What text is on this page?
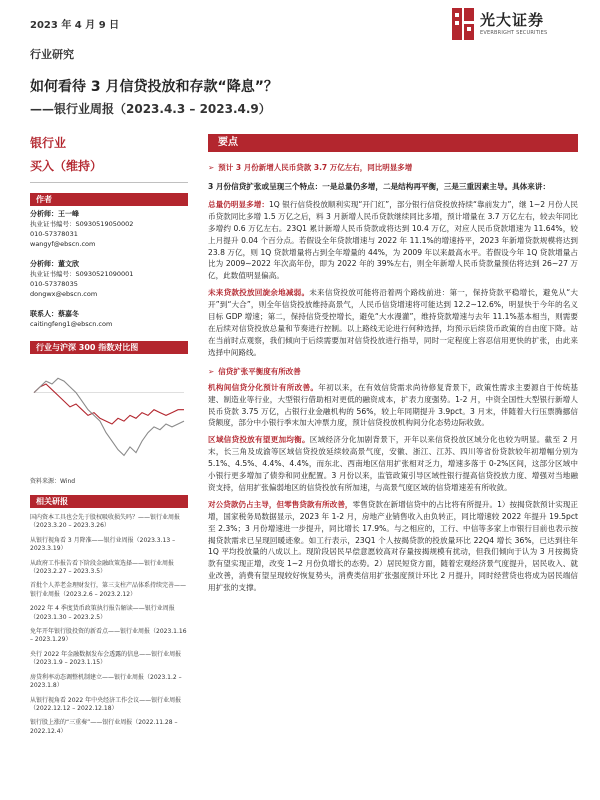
2023 年 4 月 9 日	光大证券
EVERBRIGHT SECURITIES
行业研究
如何看待 3 月信贷投放和存款“降息”？
——银行业周报（2023.4.3 – 2023.4.9）
银行业
买入（维持）
作者
分析师：王一峰
执业证书编号：S0930519050002
010-57378031
wangyf@ebscn.com
分析师：董文欣
执业证书编号：S0930521090001
010-57378035
dongwx@ebscn.com
联系人：蔡嘉冬
caitingfeng1@ebscn.com
行业与沪深 300 指数对比图
资料来源：Wind
相关研报
国内资本工具也会先于股权吸收损失吗？——银行业周报（2023.3.20 – 2023.3.26）
从银行视角看 3 月降准——银行业周报（2023.3.13 – 2023.3.19）
从政府工作报告看下阶段金融政策选择——银行业周报（2023.2.27 – 2023.3.5）
首批个人养老金理财发行，第三支柱产品体系持续完善——银行业周报（2023.2.6 – 2023.2.12）
2022 年 4 季度货币政策执行报告解读——银行业周报（2023.1.30 – 2023.2.5）
免年开年银行股投资的新看点——银行业周报（2023.1.16 – 2023.1.29）
央行 2022 年金融数据发布会透露的信息——银行业周报（2023.1.9 – 2023.1.15）
房贷利率动态调整机制建立——银行业周报（2023.1.2 – 2023.1.8）
从银行视角看 2022 年中央经济工作会议——银行业周报（2022.12.12 – 2022.12.18）
银行股上涨的“三重奏”——银行业周报（2022.11.28 – 2022.12.4）
要点
➢ 预计 3 月份新增人民币贷款 3.7 万亿左右，同比明显多增
3 月份信贷扩张或呈现三个特点：一是总量仍多增，二是结构再平衡，三是三重因素主导。具体来讲：
总量仍明显多增：1Q 银行信贷投放顺利实现“开门红”，部分银行信贷投放持续“靠前发力”，继 1~2 月份人民币贷款同比多增 1.5 万亿之后，料 3 月新增人民币贷款继续同比多增，预计增量在 3.7 万亿左右，较去年同比多增约 0.6 万亿左右。23Q1 累计新增人民币贷款或将达到 10.4 万亿，对应人民币贷款增速为 11.64%，较上月提升 0.04 个百分点。若假设全年贷款增速与 2022 年 11.1%的增速持平，2023 年新增贷款规模将达到 23.8 万亿，则 1Q 贷款增量将占到全年增量的 44%，为 2009 年以来最高水平。若假设今年 1Q 贷款增量占比为 2009~2022 年次高年份，即为 2022 年的 39%左右，则全年新增人民币贷款量预估将达到 26~27 万亿，此数值明显偏高。
未来贷款投放回旋余地减弱。未来信贷投放可能将沿着两个路线前进：第一，保持贷款平稳增长，避免从“大开”到“大合”，则全年信贷投放维持高景气，人民币信贷增速将可能达到 12.2~12.6%，明显快于今年的名义目标 GDP 增速；第二，保持信贷受控增长，避免“大水漫灌”，维持贷款增速与去年 11.1%基本相当，则需要在后续对信贷投放总量和节奏进行控制。以上路线无论进行何种选择，均预示后续货币政策的自由度下降。站在当前时点观察，我们倾向于后续需要加对信贷投放进行指导，同时一定程度上容忍信用更快的扩张，由此来选择中间路线。
➢ 信贷扩张平衡度有所改善
机构间信贷分化预计有所改善。年初以来，在有效信贷需求尚待修复背景下，政策性需求主要源自于传统基建、制造业等行业，大型银行借助相对更低的融资成本，扩表力度强势。1-2 月，中资全国性大型银行新增人民币贷款 3.75 万亿，占银行业金融机构的 56%，较上年同期提升 3.9pct。3 月末，伴随着大行压票腾挪信贷额度，部分中小银行季末加大冲票力度，预计信贷投放机构间分化态势边际收敛。
区域信贷投放有望更加均衡。区域经济分化加剧背景下，开年以来信贷投放区域分化也较为明显。截至 2 月末，长三角及成渝等区域信贷投放延续较高景气度，安徽、浙江、江苏、四川等省份贷款较年初增幅分别为 5.1%、4.5%、4.4%、4.4%，而东北、西南地区信用扩张相对乏力，增速多落于 0-2%区间，这部分区域中小银行更多增加了债券和同业配置。3 月份以来，监管政策引导区域性银行提高信贷投放力度、增强对当地融资支持，信用扩张偏弱地区的信贷投放有所加速，与高景气度区域的信贷增速差有所收敛。
对公贷款仍占主导，但零售贷款有所改善，零售贷款在新增信贷中的占比将有所提升。1）按揭贷款预计实现正增，国家税务局数据显示，2023 年 1-2 月，房地产业销售收入由负转正，同比增速较 2022 年提升 19.5pct 至 2.3%；3 月份增速进一步提升，同比增长 17.9%。与之相应的，工行、中信等多家上市银行目前也表示按揭贷款需求已呈现回暖迹象。如工行表示，23Q1 个人按揭贷款的投放量环比 22Q4 增长 36%，已达到往年 1Q 平均投放量的八成以上。现阶段居民早偿意愿较高对存量按揭规模有扰动，但我们倾向于认为 3 月按揭贷款有望实现正增，改变 1~2 月份负增长的态势。2）居民短贷方面，随着宏观经济景气度提升，居民收入、就业改善，消费有望呈现较好恢复势头，消费类信用扩张强度预计环比 2 月提升，同时经营贷也将成为居民端信用扩张的支撑。
